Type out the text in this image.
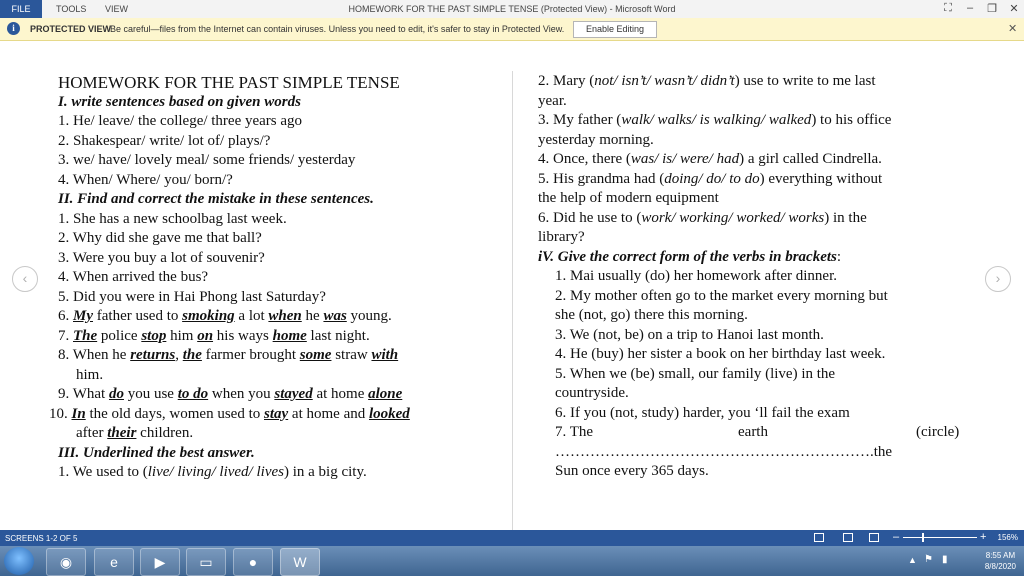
FILE	TOOLS VIEW	HOMEWORK FOR THE PAST SIMPLE TENSE (Protected View) - Microsoft Word	⛶	–	❐	✕
i	PROTECTED VIEW
Be careful—files from the Internet can contain viruses. Unless you need to edit, it's safer to stay in Protected View.	Enable Editing	✕
‹	›
HOMEWORK FOR THE PAST SIMPLE TENSE
I. write sentences based on given words
1. He/ leave/ the college/ three years ago
2. Shakespear/ write/ lot of/ plays/?
3. we/ have/ lovely meal/ some friends/ yesterday
4. When/ Where/ you/ born/?
II. Find and correct the mistake in these sentences.
1. She has a new schoolbag last week.
2. Why did she gave me that ball?
3. Were you buy a lot of souvenir?
4. When arrived the bus?
5. Did you were in Hai Phong last Saturday?
6. My father used to smoking a lot when he was young.
7. The police stop him on his ways home last night.
8. When he returns, the farmer brought some straw with
him.
9. What do you use to do when you stayed at home alone
10. In the old days, women used to stay at home and looked
after their children.
III. Underlined the best answer.
1. We used to (live/ living/ lived/ lives) in a big city.
2. Mary (not/ isn’t/ wasn’t/ didn’t) use to write to me last
year.
3. My father (walk/ walks/ is walking/ walked) to his office
yesterday morning.
4. Once, there (was/ is/ were/ had) a girl called Cindrella.
5. His grandma had (doing/ do/ to do) everything without
the help of modern equipment
6. Did he use to (work/ working/ worked/ works) in the
library?
iV. Give the correct form of the verbs in brackets:
1. Mai usually (do) her homework after dinner.
2. My mother often go to the market every morning but
she (not, go) there this morning.
3. We (not, be) on a trip to Hanoi last month.
4. He (buy) her sister a book on her birthday last week.
5. When we (be) small, our family (live) in the
countryside.
6. If you (not, study) harder, you ‘ll fail the exam
7. The	earth	(circle)
……………………………………………………….the
Sun once every 365 days.
SCREENS 1-2 OF 5	–	+ 156%
◉	e	▶	▭	●	W	▲ ⚑ ▮	8:55 AM
8/8/2020
